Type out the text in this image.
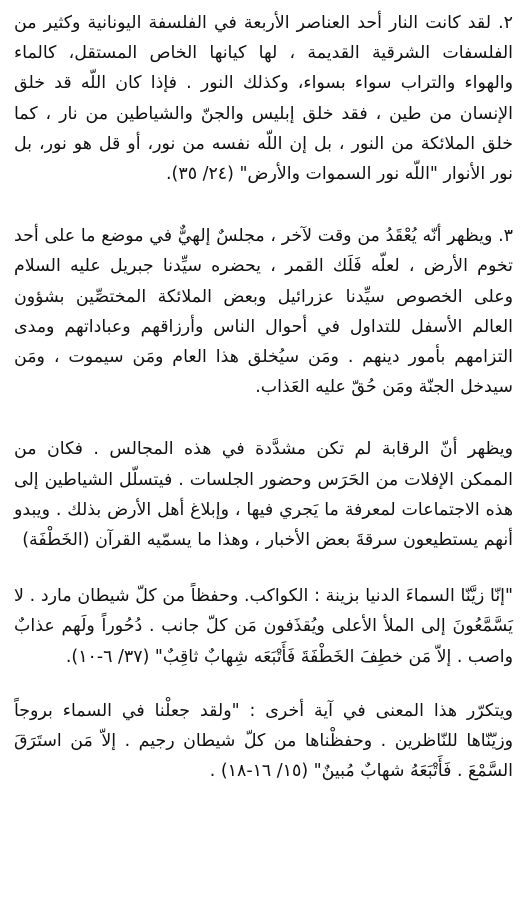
٢. لقد كانت النار أحد العناصر الأربعة في الفلسفة اليونانية وكثير من الفلسفات الشرقية القديمة ، لها كيانها الخاص المستقل، كالماء والهواء والتراب سواء بسواء، وكذلك النور . فإذا كان اللّه قد خلق الإنسان من طين ، فقد خلق إبليس والجنّ والشياطين من نار ، كما خلق الملائكة من النور ، بل إن اللّه نفسه من نور، أو قل هو نور، بل نور الأنوار "اللّه نور السموات والأرض" (٢٤/ ٣٥).

٣. ويظهر أنّه يُعْقَدُ من وقت لآخر ، مجلسٌ إلهيٌّ في موضع ما على أحد تخوم الأرض ، لعلّه فَلَك القمر ، يحضره سيِّدنا جبريل عليه السلام وعلى الخصوص سيِّدنا عزرائيل وبعض الملائكة المختصِّين بشؤون العالم الأسفل للتداول في أحوال الناس وأرزاقهم وعباداتهم ومدى التزامهم بأمور دينهم . ومَن سيُخلق هذا العام ومَن سيموت ، ومَن سيدخل الجنّة ومَن حُقّ عليه العَذاب.

ويظهر أنّ الرقابة لم تكن مشدَّدة في هذه المجالس . فكان من الممكن الإفلات من الحَرَس وحضور الجلسات . فيتسلّل الشياطين إلى هذه الاجتماعات لمعرفة ما يَجري فيها ، وإبلاغ أهل الأرض بذلك . ويبدو أنهم يستطيعون سرقةَ بعض الأخبار ، وهذا ما يسمّيه القرآن (الخَطْفَة)

"إنّا زيَّنّا السماءَ الدنيا بزينة : الكواكب. وحفظاً من كلّ شيطان مارد . لا يَسَّمَّعُونَ إلى الملأ الأعلى ويُقذَفون مَن كلّ جانب . دُحُوراً ولَهم عذابٌ واصب . إلاّ مَن خطِفَ الخَطْفَةَ فَأَتْبَعَه شِهابٌ ثاقِبٌ" (٣٧/ ٦-١٠).

ويتكرّر هذا المعنى في آية أخرى : "ولقد جعلْنا في السماء بروجاً وزيّنّاها للنّاظرين . وحفظْناها من كلّ شيطان رجيم . إلاّ مَن استَرَقَ السَّمْعَ . فَأَتْبَعَهُ شهابٌ مُبينٌ" (١٥/ ١٦-١٨) .
